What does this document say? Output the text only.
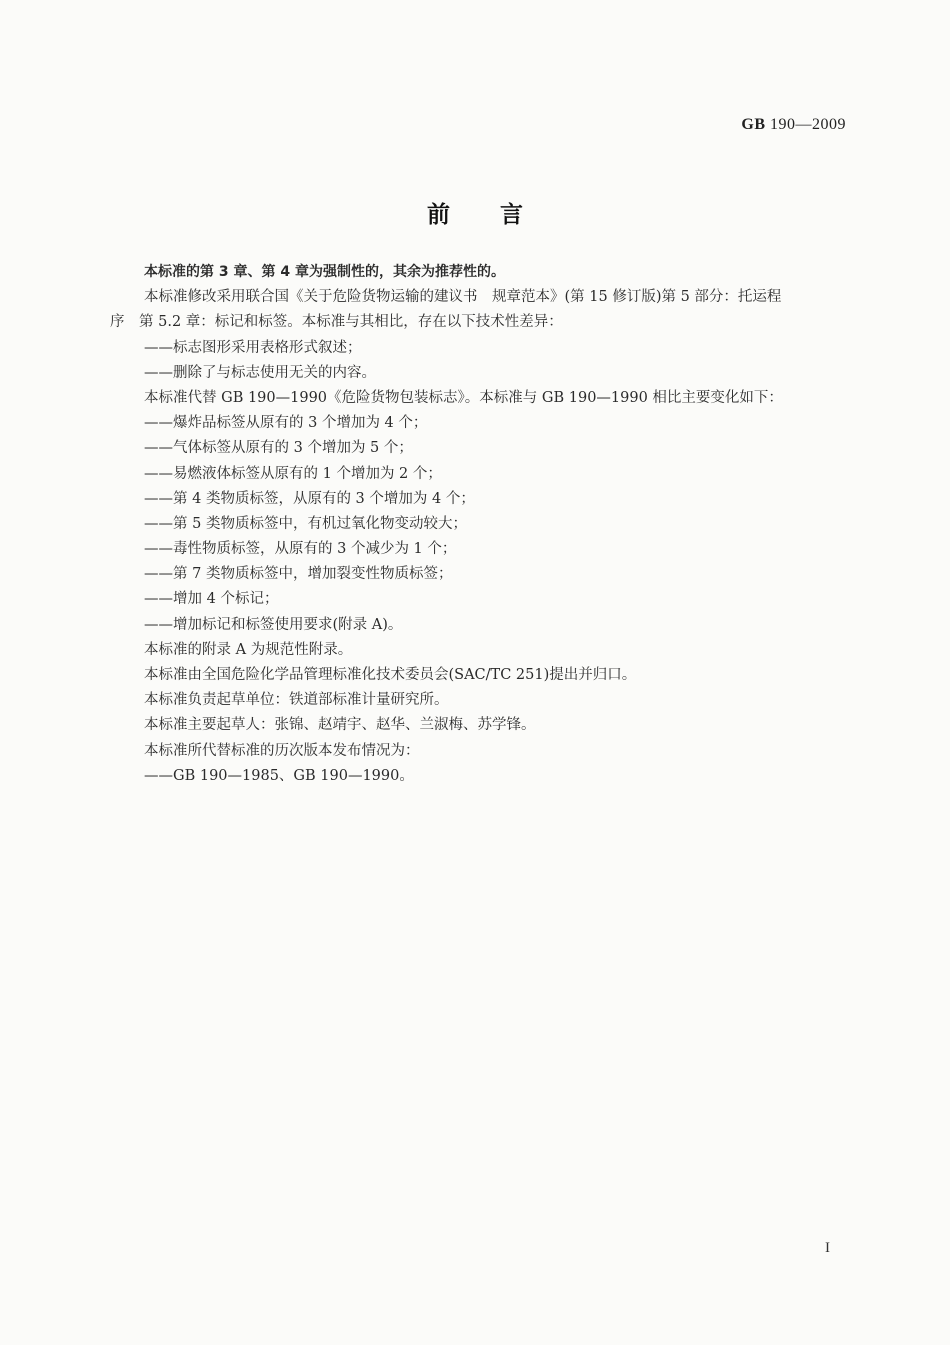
GB 190—2009
前言
本标准的第 3 章、第 4 章为强制性的，其余为推荐性的。
本标准修改采用联合国《关于危险货物运输的建议书　规章范本》(第 15 修订版)第 5 部分：托运程
序　第 5.2 章：标记和标签。本标准与其相比，存在以下技术性差异：
——标志图形采用表格形式叙述；
——删除了与标志使用无关的内容。
本标准代替 GB 190—1990《危险货物包装标志》。本标准与 GB 190—1990 相比主要变化如下：
——爆炸品标签从原有的 3 个增加为 4 个；
——气体标签从原有的 3 个增加为 5 个；
——易燃液体标签从原有的 1 个增加为 2 个；
——第 4 类物质标签，从原有的 3 个增加为 4 个；
——第 5 类物质标签中，有机过氧化物变动较大；
——毒性物质标签，从原有的 3 个减少为 1 个；
——第 7 类物质标签中，增加裂变性物质标签；
——增加 4 个标记；
——增加标记和标签使用要求(附录 A)。
本标准的附录 A 为规范性附录。
本标准由全国危险化学品管理标准化技术委员会(SAC/TC 251)提出并归口。
本标准负责起草单位：铁道部标准计量研究所。
本标准主要起草人：张锦、赵靖宇、赵华、兰淑梅、苏学锋。
本标准所代替标准的历次版本发布情况为：
——GB 190—1985、GB 190—1990。
I
